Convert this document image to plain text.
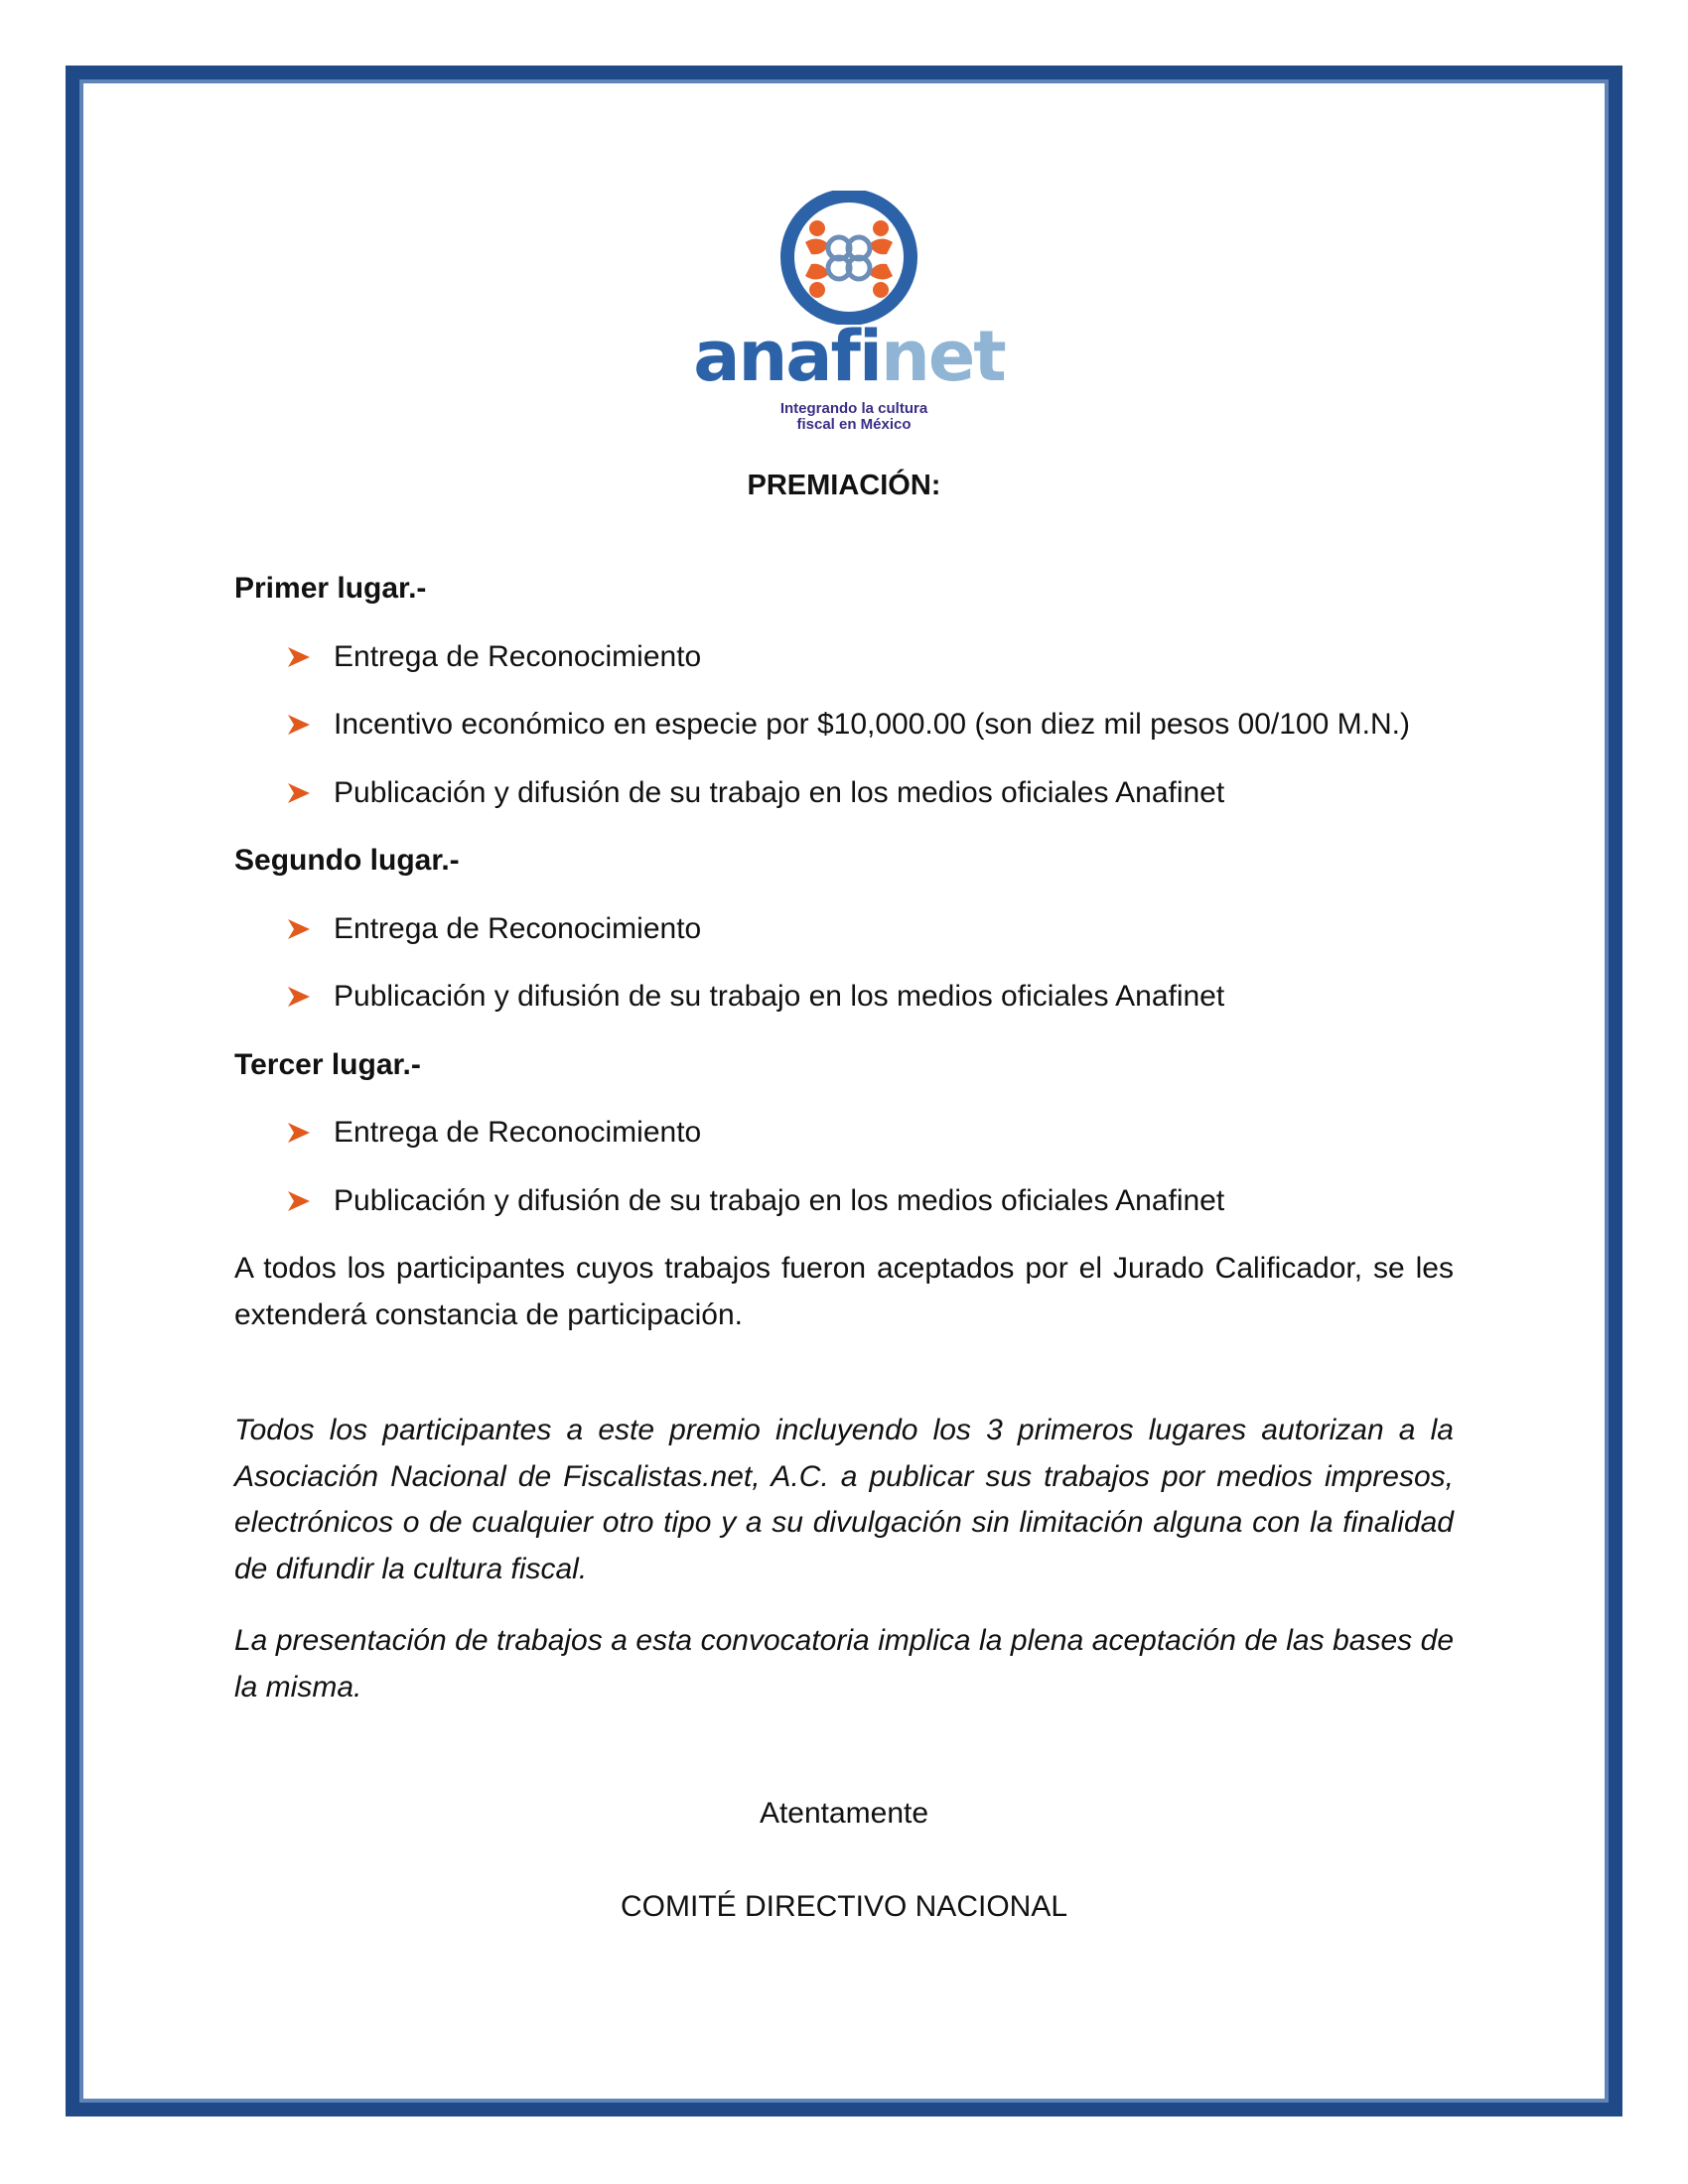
anafinet
Integrando la cultura
fiscal en México
PREMIACIÓN:
Primer lugar.-
Entrega de Reconocimiento
Incentivo económico en especie por $10,000.00 (son diez mil pesos 00/100 M.N.)
Publicación y difusión de su trabajo en los medios oficiales Anafinet
Segundo lugar.-
Entrega de Reconocimiento
Publicación y difusión de su trabajo en los medios oficiales Anafinet
Tercer lugar.-
Entrega de Reconocimiento
Publicación y difusión de su trabajo en los medios oficiales Anafinet
A todos los participantes cuyos trabajos fueron aceptados por el Jurado Calificador, se les extenderá constancia de participación.
Todos los participantes a este premio incluyendo los 3 primeros lugares autorizan a la Asociación Nacional de Fiscalistas.net, A.C. a publicar sus trabajos por medios impresos, electrónicos o de cualquier otro tipo y a su divulgación sin limitación alguna con la finalidad de difundir la cultura fiscal.
La presentación de trabajos a esta convocatoria implica la plena aceptación de las bases de la misma.
Atentamente
COMITÉ DIRECTIVO NACIONAL
